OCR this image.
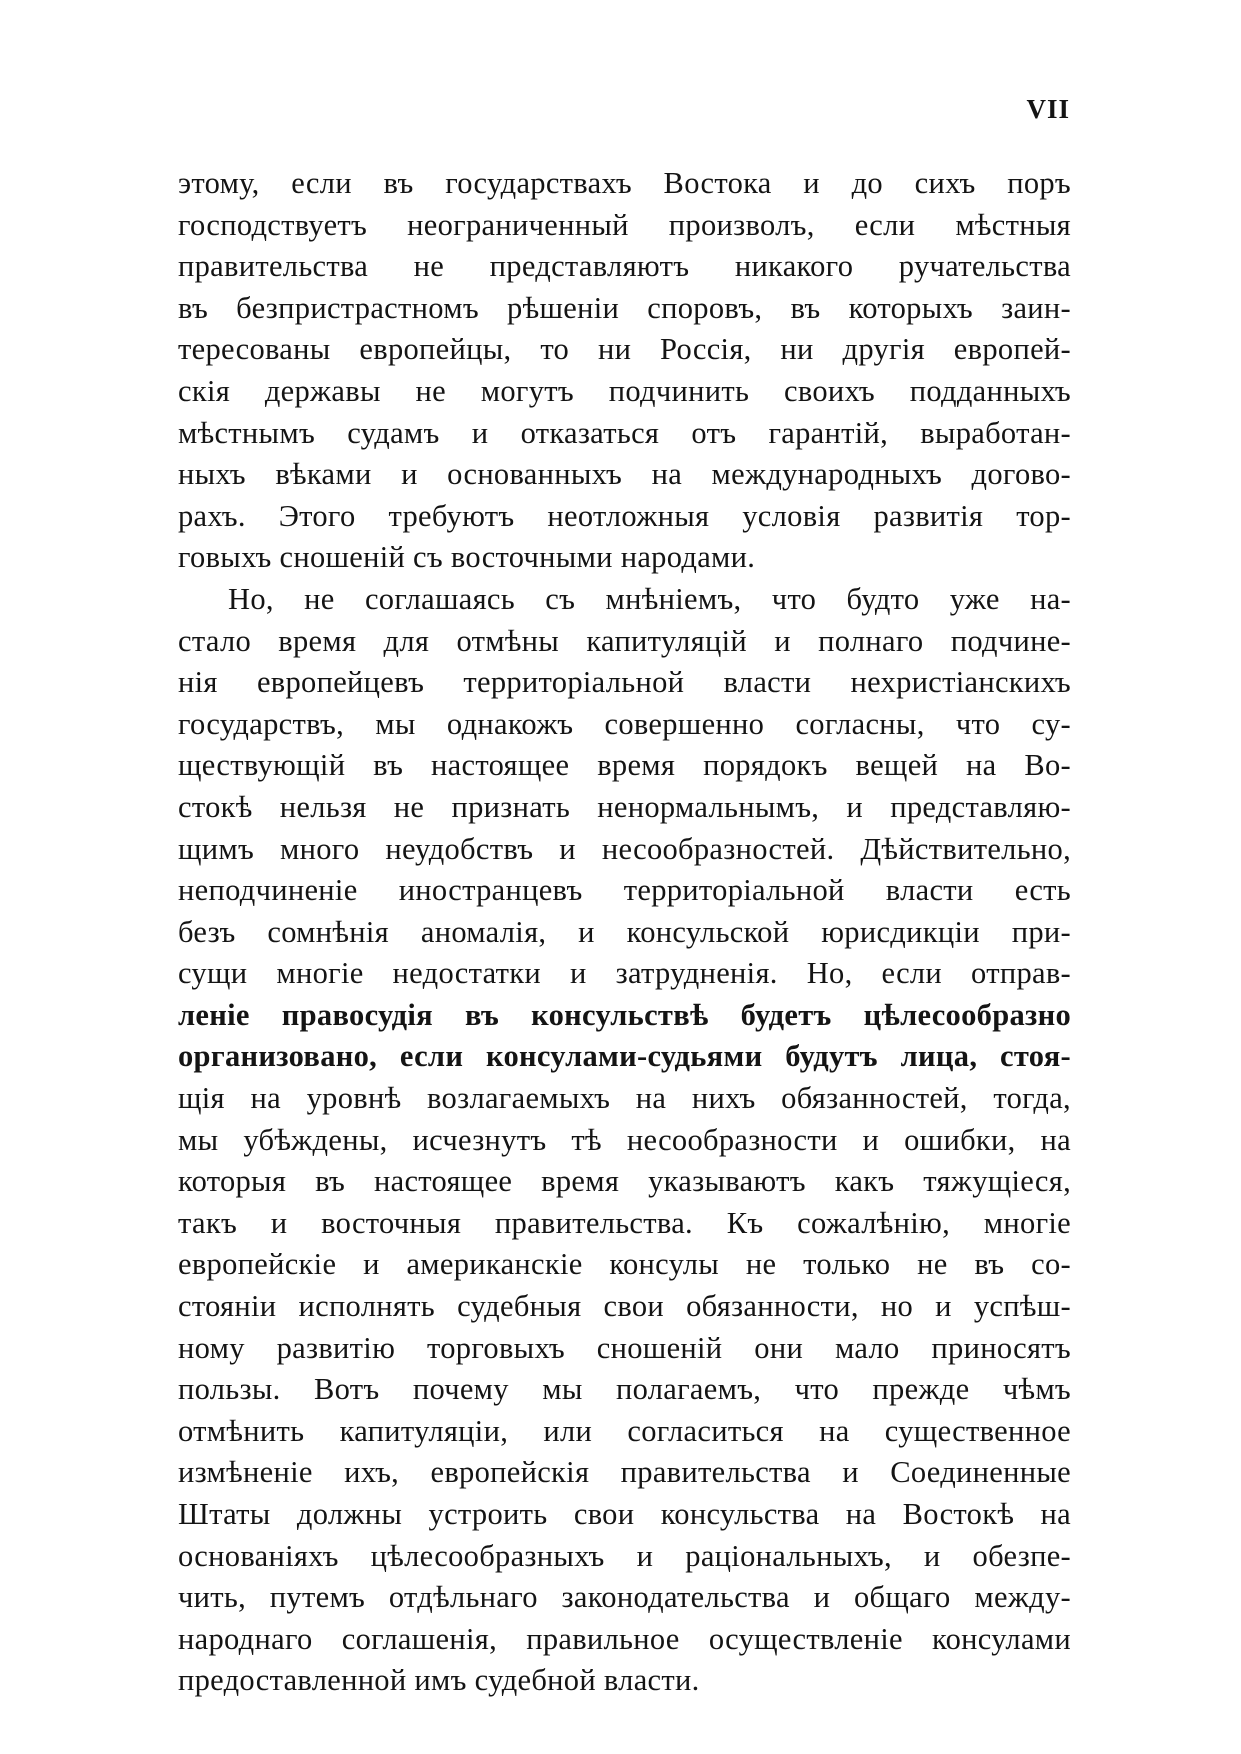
VII
этому, если въ государствахъ Востока и до сихъ поръ
господствуетъ неограниченный произволъ, если мѣстныя
правительства не представляютъ никакого ручательства
въ безпристрастномъ рѣшеніи споровъ, въ которыхъ заин-
тересованы европейцы, то ни Россія, ни другія европей-
скія державы не могутъ подчинить своихъ подданныхъ
мѣстнымъ судамъ и отказаться отъ гарантій, выработан-
ныхъ вѣками и основанныхъ на международныхъ догово-
рахъ. Этого требуютъ неотложныя условія развитія тор-
говыхъ сношеній съ восточными народами.
Но, не соглашаясь съ мнѣніемъ, что будто уже на-
стало время для отмѣны капитуляцій и полнаго подчине-
нія европейцевъ территоріальной власти нехристіанскихъ
государствъ, мы однакожъ совершенно согласны, что су-
ществующій въ настоящее время порядокъ вещей на Во-
стокѣ нельзя не признать ненормальнымъ, и представляю-
щимъ много неудобствъ и несообразностей. Дѣйствительно,
неподчиненіе иностранцевъ территоріальной власти есть
безъ сомнѣнія аномалія, и консульской юрисдикціи при-
сущи многіе недостатки и затрудненія. Но, если отправ-
леніе правосудія въ консульствѣ будетъ цѣлесообразно
организовано, если консулами-судьями будутъ лица, стоя-
щія на уровнѣ возлагаемыхъ на нихъ обязанностей, тогда,
мы убѣждены, исчезнутъ тѣ несообразности и ошибки, на
которыя въ настоящее время указываютъ какъ тяжущіеся,
такъ и восточныя правительства. Къ сожалѣнію, многіе
европейскіе и американскіе консулы не только не въ со-
стояніи исполнять судебныя свои обязанности, но и успѣш-
ному развитію торговыхъ сношеній они мало приносятъ
пользы. Вотъ почему мы полагаемъ, что прежде чѣмъ
отмѣнить капитуляціи, или согласиться на существенное
измѣненіе ихъ, европейскія правительства и Соединенные
Штаты должны устроить свои консульства на Востокѣ на
основаніяхъ цѣлесообразныхъ и раціональныхъ, и обезпе-
чить, путемъ отдѣльнаго законодательства и общаго между-
народнаго соглашенія, правильное осуществленіе консулами
предоставленной имъ судебной власти.
